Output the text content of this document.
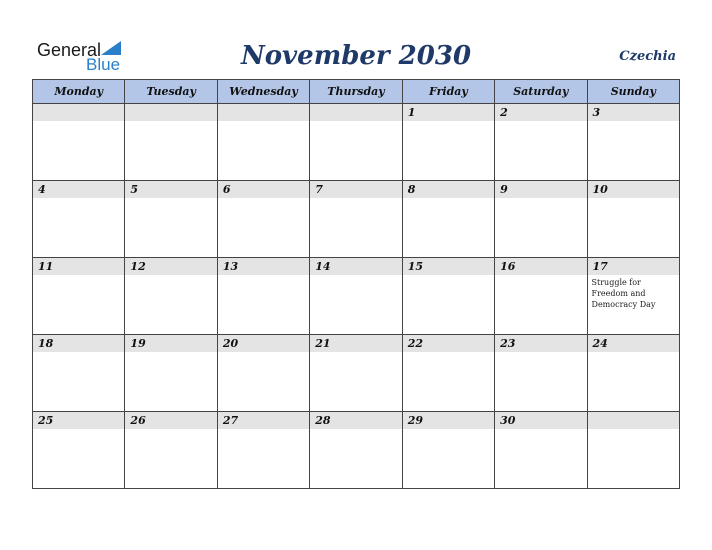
General
Blue	November 2030	Czechia
Monday	Tuesday	Wednesday	Thursday	Friday	Saturday	Sunday

				1	2	3

4	5	6	7	8	9	10

11	12	13	14	15	16	17
Struggle for Freedom and Democracy Day

18	19	20	21	22	23	24

25	26	27	28	29	30	
